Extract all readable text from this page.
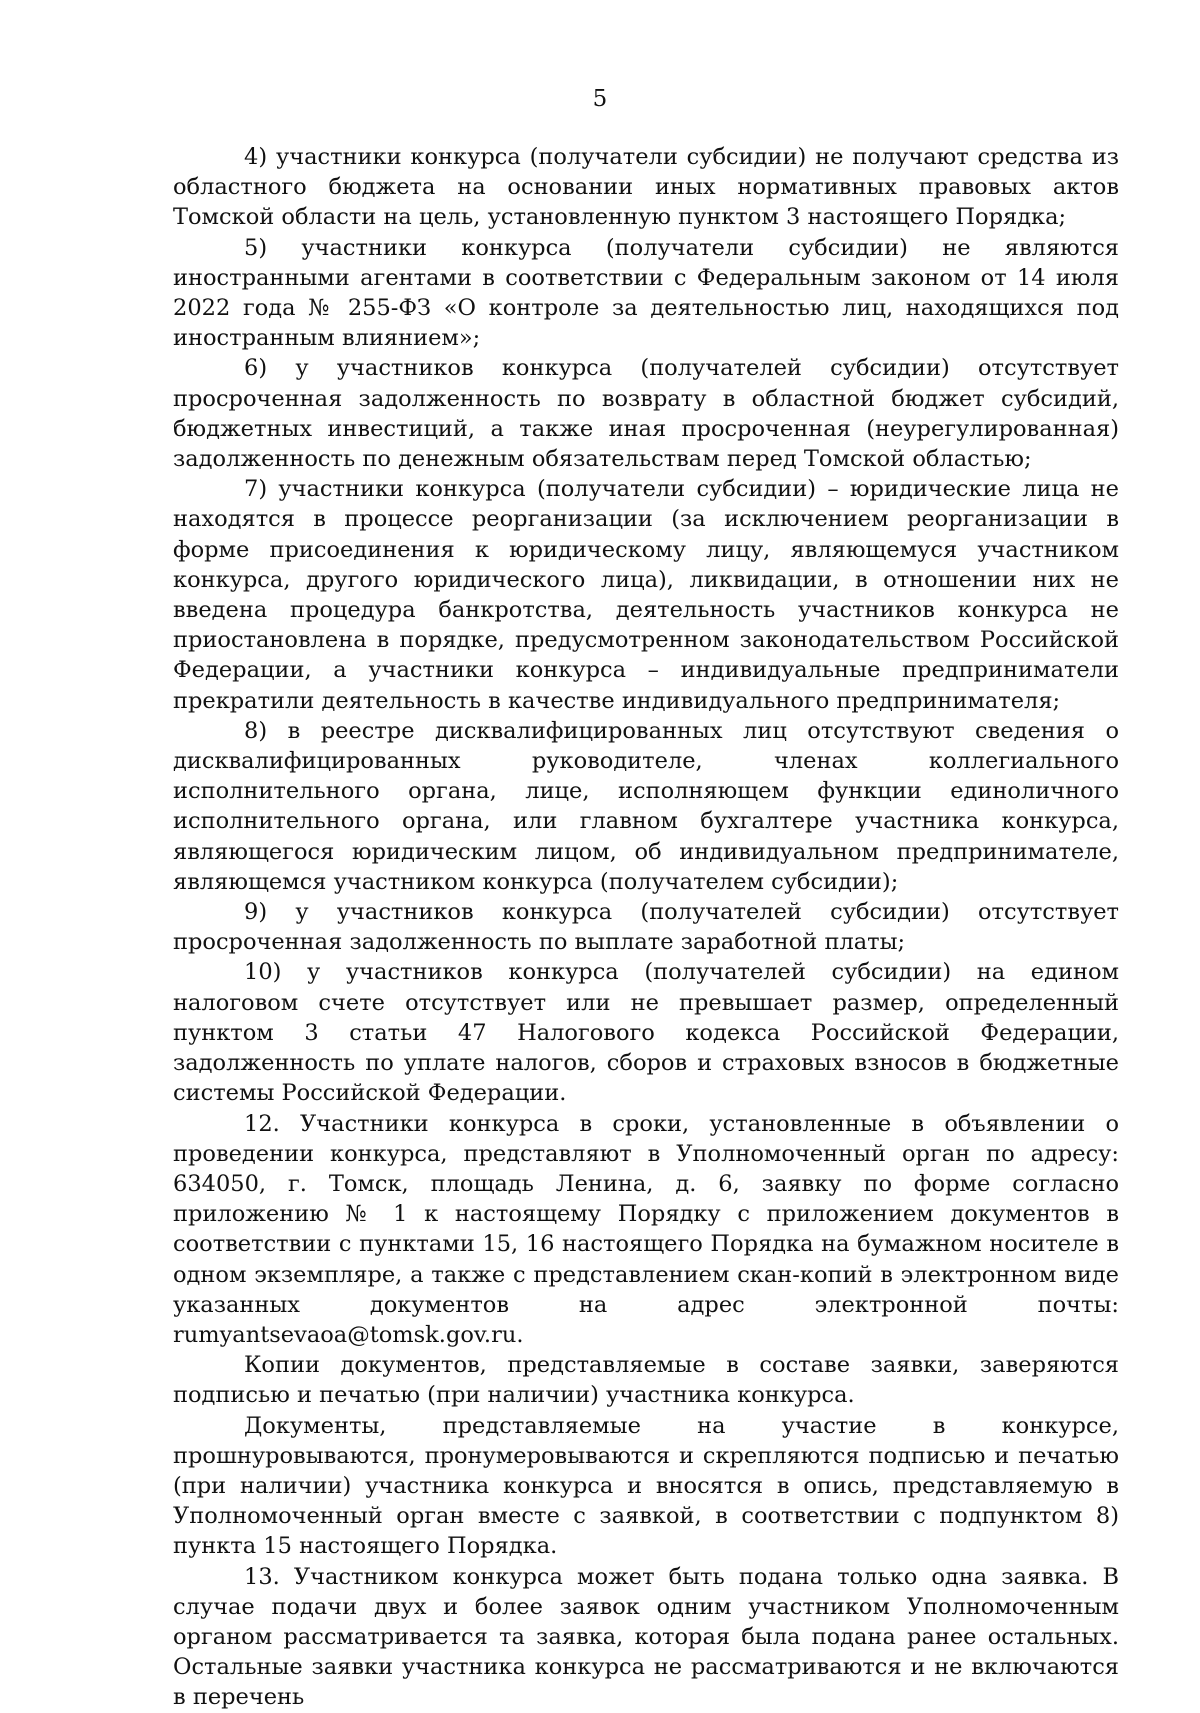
5

4) участники конкурса (получатели субсидии) не получают средства из областного бюджета на основании иных нормативных правовых актов Томской области на цель, установленную пунктом 3 настоящего Порядка;

5) участники конкурса (получатели субсидии) не являются иностранными агентами в соответствии с Федеральным законом от 14 июля 2022 года № 255-ФЗ «О контроле за деятельностью лиц, находящихся под иностранным влиянием»;

6) у участников конкурса (получателей субсидии) отсутствует просроченная задолженность по возврату в областной бюджет субсидий, бюджетных инвестиций, а также иная просроченная (неурегулированная) задолженность по денежным обязательствам перед Томской областью;

7) участники конкурса (получатели субсидии) – юридические лица не находятся в процессе реорганизации (за исключением реорганизации в форме присоединения к юридическому лицу, являющемуся участником конкурса, другого юридического лица), ликвидации, в отношении них не введена процедура банкротства, деятельность участников конкурса не приостановлена в порядке, предусмотренном законодательством Российской Федерации, а участники конкурса – индивидуальные предприниматели прекратили деятельность в качестве индивидуального предпринимателя;

8) в реестре дисквалифицированных лиц отсутствуют сведения о дисквалифицированных руководителе, членах коллегиального исполнительного органа, лице, исполняющем функции единоличного исполнительного органа, или главном бухгалтере участника конкурса, являющегося юридическим лицом, об индивидуальном предпринимателе, являющемся участником конкурса (получателем субсидии);

9) у участников конкурса (получателей субсидии) отсутствует просроченная задолженность по выплате заработной платы;

10) у участников конкурса (получателей субсидии) на едином налоговом счете отсутствует или не превышает размер, определенный пунктом 3 статьи 47 Налогового кодекса Российской Федерации, задолженность по уплате налогов, сборов и страховых взносов в бюджетные системы Российской Федерации.

12. Участники конкурса в сроки, установленные в объявлении о проведении конкурса, представляют в Уполномоченный орган по адресу: 634050, г. Томск, площадь Ленина, д. 6, заявку по форме согласно приложению № 1 к настоящему Порядку с приложением документов в соответствии с пунктами 15, 16 настоящего Порядка на бумажном носителе в одном экземпляре, а также с представлением скан-копий в электронном виде указанных документов на адрес электронной почты: rumyantsevaoa@tomsk.gov.ru.

Копии документов, представляемые в составе заявки, заверяются подписью и печатью (при наличии) участника конкурса.

Документы, представляемые на участие в конкурсе, прошнуровываются, пронумеровываются и скрепляются подписью и печатью (при наличии) участника конкурса и вносятся в опись, представляемую в Уполномоченный орган вместе с заявкой, в соответствии с подпунктом 8) пункта 15 настоящего Порядка.

13. Участником конкурса может быть подана только одна заявка. В случае подачи двух и более заявок одним участником Уполномоченным органом рассматривается та заявка, которая была подана ранее остальных. Остальные заявки участника конкурса не рассматриваются и не включаются в перечень
